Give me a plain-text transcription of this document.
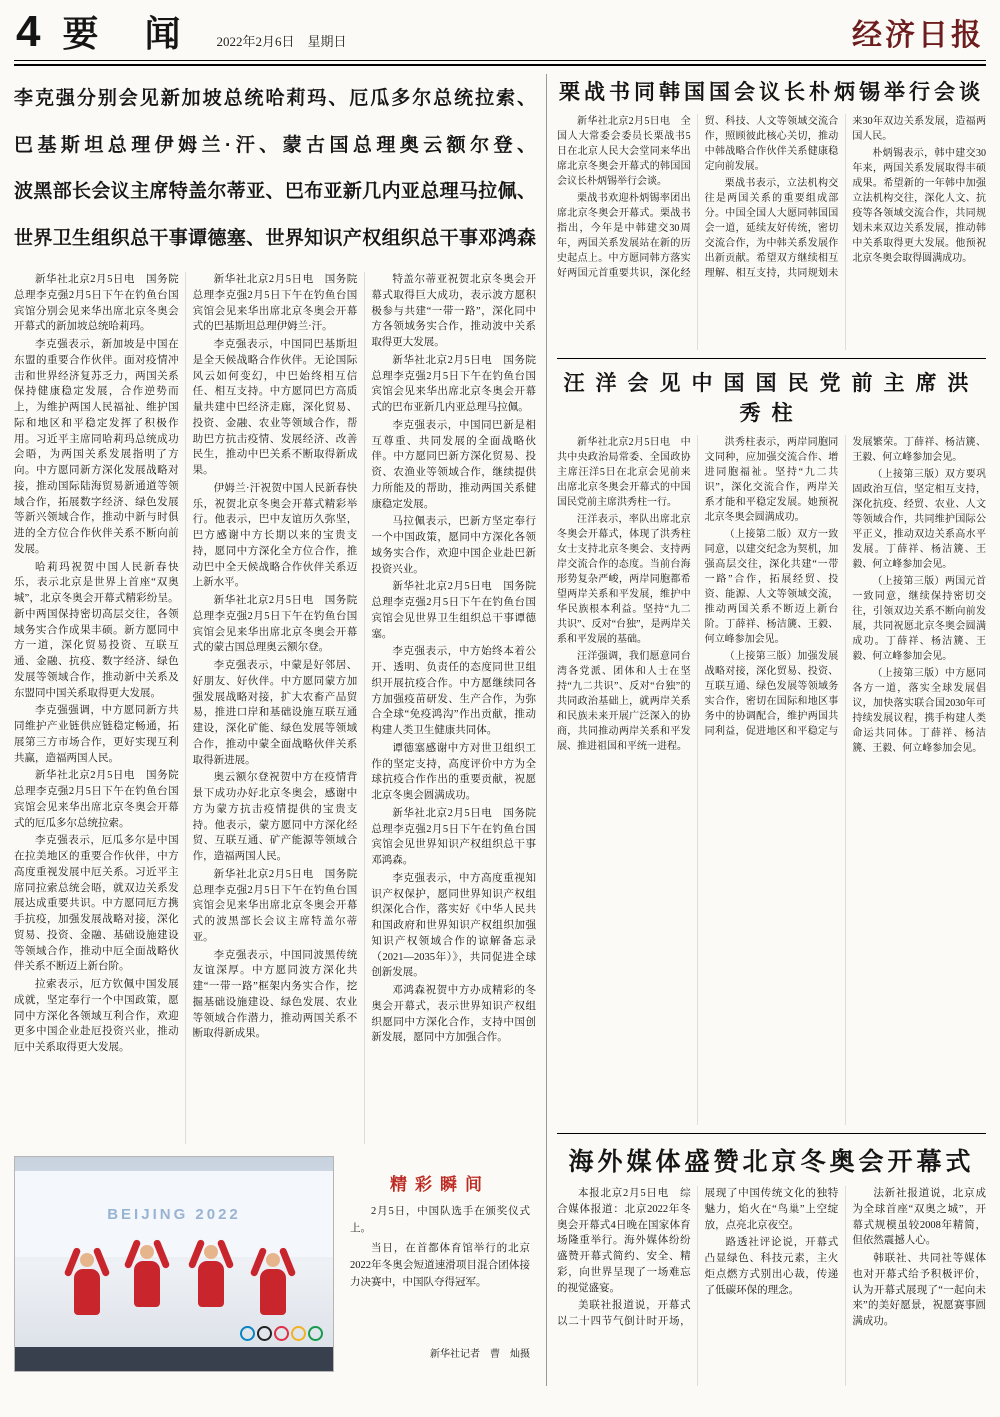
4 要 闻 2022年2月6日　星期日	经济日报

李克强分别会见新加坡总统哈莉玛、厄瓜多尔总统拉索、

巴基斯坦总理伊姆兰·汗、蒙古国总理奥云额尔登、

波黑部长会议主席特盖尔蒂亚、巴布亚新几内亚总理马拉佩、

世界卫生组织总干事谭德塞、世界知识产权组织总干事邓鸿森

新华社北京2月5日电　国务院总理李克强2月5日下午在钓鱼台国宾馆分别会见来华出席北京冬奥会开幕式的新加坡总统哈莉玛。

李克强表示，新加坡是中国在东盟的重要合作伙伴。面对疫情冲击和世界经济复苏乏力，两国关系保持健康稳定发展，合作逆势而上，为维护两国人民福祉、维护国际和地区和平稳定发挥了积极作用。习近平主席同哈莉玛总统成功会晤，为两国关系发展指明了方向。中方愿同新方深化发展战略对接，推动国际陆海贸易新通道等领域合作，拓展数字经济、绿色发展等新兴领域合作，推动中新与时俱进的全方位合作伙伴关系不断向前发展。

哈莉玛祝贺中国人民新春快乐，表示北京是世界上首座“双奥城”，北京冬奥会开幕式精彩纷呈。新中两国保持密切高层交往，各领域务实合作成果丰硕。新方愿同中方一道，深化贸易投资、互联互通、金融、抗疫、数字经济、绿色发展等领域合作，推动新中关系及东盟同中国关系取得更大发展。

李克强强调，中方愿同新方共同维护产业链供应链稳定畅通，拓展第三方市场合作，更好实现互利共赢，造福两国人民。

新华社北京2月5日电　国务院总理李克强2月5日下午在钓鱼台国宾馆会见来华出席北京冬奥会开幕式的厄瓜多尔总统拉索。

李克强表示，厄瓜多尔是中国在拉美地区的重要合作伙伴，中方高度重视发展中厄关系。习近平主席同拉索总统会晤，就双边关系发展达成重要共识。中方愿同厄方携手抗疫，加强发展战略对接，深化贸易、投资、金融、基础设施建设等领域合作，推动中厄全面战略伙伴关系不断迈上新台阶。

拉索表示，厄方钦佩中国发展成就，坚定奉行一个中国政策，愿同中方深化各领域互利合作，欢迎更多中国企业赴厄投资兴业，推动厄中关系取得更大发展。

新华社北京2月5日电　国务院总理李克强2月5日下午在钓鱼台国宾馆会见来华出席北京冬奥会开幕式的巴基斯坦总理伊姆兰·汗。

李克强表示，中国同巴基斯坦是全天候战略合作伙伴。无论国际风云如何变幻，中巴始终相互信任、相互支持。中方愿同巴方高质量共建中巴经济走廊，深化贸易、投资、金融、农业等领域合作，帮助巴方抗击疫情、发展经济、改善民生，推动中巴关系不断取得新成果。

伊姆兰·汗祝贺中国人民新春快乐，祝贺北京冬奥会开幕式精彩举行。他表示，巴中友谊历久弥坚，巴方感谢中方长期以来的宝贵支持，愿同中方深化全方位合作，推动巴中全天候战略合作伙伴关系迈上新水平。

新华社北京2月5日电　国务院总理李克强2月5日下午在钓鱼台国宾馆会见来华出席北京冬奥会开幕式的蒙古国总理奥云额尔登。

李克强表示，中蒙是好邻居、好朋友、好伙伴。中方愿同蒙方加强发展战略对接，扩大农畜产品贸易，推进口岸和基础设施互联互通建设，深化矿能、绿色发展等领域合作，推动中蒙全面战略伙伴关系取得新进展。

奥云额尔登祝贺中方在疫情背景下成功办好北京冬奥会，感谢中方为蒙方抗击疫情提供的宝贵支持。他表示，蒙方愿同中方深化经贸、互联互通、矿产能源等领域合作，造福两国人民。

新华社北京2月5日电　国务院总理李克强2月5日下午在钓鱼台国宾馆会见来华出席北京冬奥会开幕式的波黑部长会议主席特盖尔蒂亚。

李克强表示，中国同波黑传统友谊深厚。中方愿同波方深化共建“一带一路”框架内务实合作，挖掘基础设施建设、绿色发展、农业等领域合作潜力，推动两国关系不断取得新成果。

特盖尔蒂亚祝贺北京冬奥会开幕式取得巨大成功，表示波方愿积极参与共建“一带一路”，深化同中方各领域务实合作，推动波中关系取得更大发展。

新华社北京2月5日电　国务院总理李克强2月5日下午在钓鱼台国宾馆会见来华出席北京冬奥会开幕式的巴布亚新几内亚总理马拉佩。

李克强表示，中国同巴新是相互尊重、共同发展的全面战略伙伴。中方愿同巴新方深化贸易、投资、农渔业等领域合作，继续提供力所能及的帮助，推动两国关系健康稳定发展。

马拉佩表示，巴新方坚定奉行一个中国政策，愿同中方深化各领域务实合作，欢迎中国企业赴巴新投资兴业。

新华社北京2月5日电　国务院总理李克强2月5日下午在钓鱼台国宾馆会见世界卫生组织总干事谭德塞。

李克强表示，中方始终本着公开、透明、负责任的态度同世卫组织开展抗疫合作。中方愿继续同各方加强疫苗研发、生产合作，为弥合全球“免疫鸿沟”作出贡献，推动构建人类卫生健康共同体。

谭德塞感谢中方对世卫组织工作的坚定支持，高度评价中方为全球抗疫合作作出的重要贡献，祝愿北京冬奥会圆满成功。

新华社北京2月5日电　国务院总理李克强2月5日下午在钓鱼台国宾馆会见世界知识产权组织总干事邓鸿森。

李克强表示，中方高度重视知识产权保护，愿同世界知识产权组织深化合作，落实好《中华人民共和国政府和世界知识产权组织加强知识产权领域合作的谅解备忘录（2021—2035年）》，共同促进全球创新发展。

邓鸿森祝贺中方办成精彩的冬奥会开幕式，表示世界知识产权组织愿同中方深化合作，支持中国创新发展，愿同中方加强合作。

BEIJING 2022
精彩瞬间

2月5日，中国队选手在颁奖仪式上。

当日，在首都体育馆举行的北京2022年冬奥会短道速滑项目混合团体接力决赛中，中国队夺得冠军。

新华社记者　曹　灿摄
栗战书同韩国国会议长朴炳锡举行会谈

新华社北京2月5日电　全国人大常委会委员长栗战书5日在北京人民大会堂同来华出席北京冬奥会开幕式的韩国国会议长朴炳锡举行会谈。

栗战书欢迎朴炳锡率团出席北京冬奥会开幕式。栗战书指出，今年是中韩建交30周年，两国关系发展站在新的历史起点上。中方愿同韩方落实好两国元首重要共识，深化经贸、科技、人文等领域交流合作，照顾彼此核心关切，推动中韩战略合作伙伴关系健康稳定向前发展。

栗战书表示，立法机构交往是两国关系的重要组成部分。中国全国人大愿同韩国国会一道，延续友好传统，密切交流合作，为中韩关系发展作出新贡献。希望双方继续相互理解、相互支持，共同规划未来30年双边关系发展，造福两国人民。

朴炳锡表示，韩中建交30年来，两国关系发展取得丰硕成果。希望新的一年韩中加强立法机构交往，深化人文、抗疫等各领域交流合作，共同规划未来双边关系发展，推动韩中关系取得更大发展。他预祝北京冬奥会取得圆满成功。

汪洋会见中国国民党前主席洪秀柱

新华社北京2月5日电　中共中央政治局常委、全国政协主席汪洋5日在北京会见前来出席北京冬奥会开幕式的中国国民党前主席洪秀柱一行。

汪洋表示，率队出席北京冬奥会开幕式，体现了洪秀柱女士支持北京冬奥会、支持两岸交流合作的态度。当前台海形势复杂严峻，两岸同胞都希望两岸关系和平发展，维护中华民族根本利益。坚持“九二共识”、反对“台独”，是两岸关系和平发展的基础。

汪洋强调，我们愿意同台湾各党派、团体和人士在坚持“九二共识”、反对“台独”的共同政治基础上，就两岸关系和民族未来开展广泛深入的协商，共同推动两岸关系和平发展、推进祖国和平统一进程。

洪秀柱表示，两岸同胞同文同种，应加强交流合作、增进同胞福祉。坚持“九二共识”，深化交流合作，两岸关系才能和平稳定发展。她预祝北京冬奥会圆满成功。

（上接第二版）双方一致同意，以建交纪念为契机，加强高层交往，深化共建“一带一路”合作，拓展经贸、投资、能源、人文等领域交流，推动两国关系不断迈上新台阶。丁薛祥、杨洁篪、王毅、何立峰参加会见。

（上接第三版）加强发展战略对接，深化贸易、投资、互联互通、绿色发展等领域务实合作，密切在国际和地区事务中的协调配合，维护两国共同利益，促进地区和平稳定与发展繁荣。丁薛祥、杨洁篪、王毅、何立峰参加会见。

（上接第三版）双方要巩固政治互信，坚定相互支持，深化抗疫、经贸、农业、人文等领域合作，共同维护国际公平正义，推动双边关系高水平发展。丁薛祥、杨洁篪、王毅、何立峰参加会见。

（上接第三版）两国元首一致同意，继续保持密切交往，引领双边关系不断向前发展，共同祝愿北京冬奥会圆满成功。丁薛祥、杨洁篪、王毅、何立峰参加会见。

（上接第三版）中方愿同各方一道，落实全球发展倡议，加快落实联合国2030年可持续发展议程，携手构建人类命运共同体。丁薛祥、杨洁篪、王毅、何立峰参加会见。

海外媒体盛赞北京冬奥会开幕式

本报北京2月5日电　综合媒体报道：北京2022年冬奥会开幕式4日晚在国家体育场隆重举行。海外媒体纷纷盛赞开幕式简约、安全、精彩，向世界呈现了一场难忘的视觉盛宴。

美联社报道说，开幕式以二十四节气倒计时开场，展现了中国传统文化的独特魅力，焰火在“鸟巢”上空绽放，点亮北京夜空。

路透社评论说，开幕式凸显绿色、科技元素，主火炬点燃方式别出心裁，传递了低碳环保的理念。

法新社报道说，北京成为全球首座“双奥之城”，开幕式规模虽较2008年精简，但依然震撼人心。

韩联社、共同社等媒体也对开幕式给予积极评价，认为开幕式展现了“一起向未来”的美好愿景，祝愿赛事圆满成功。
